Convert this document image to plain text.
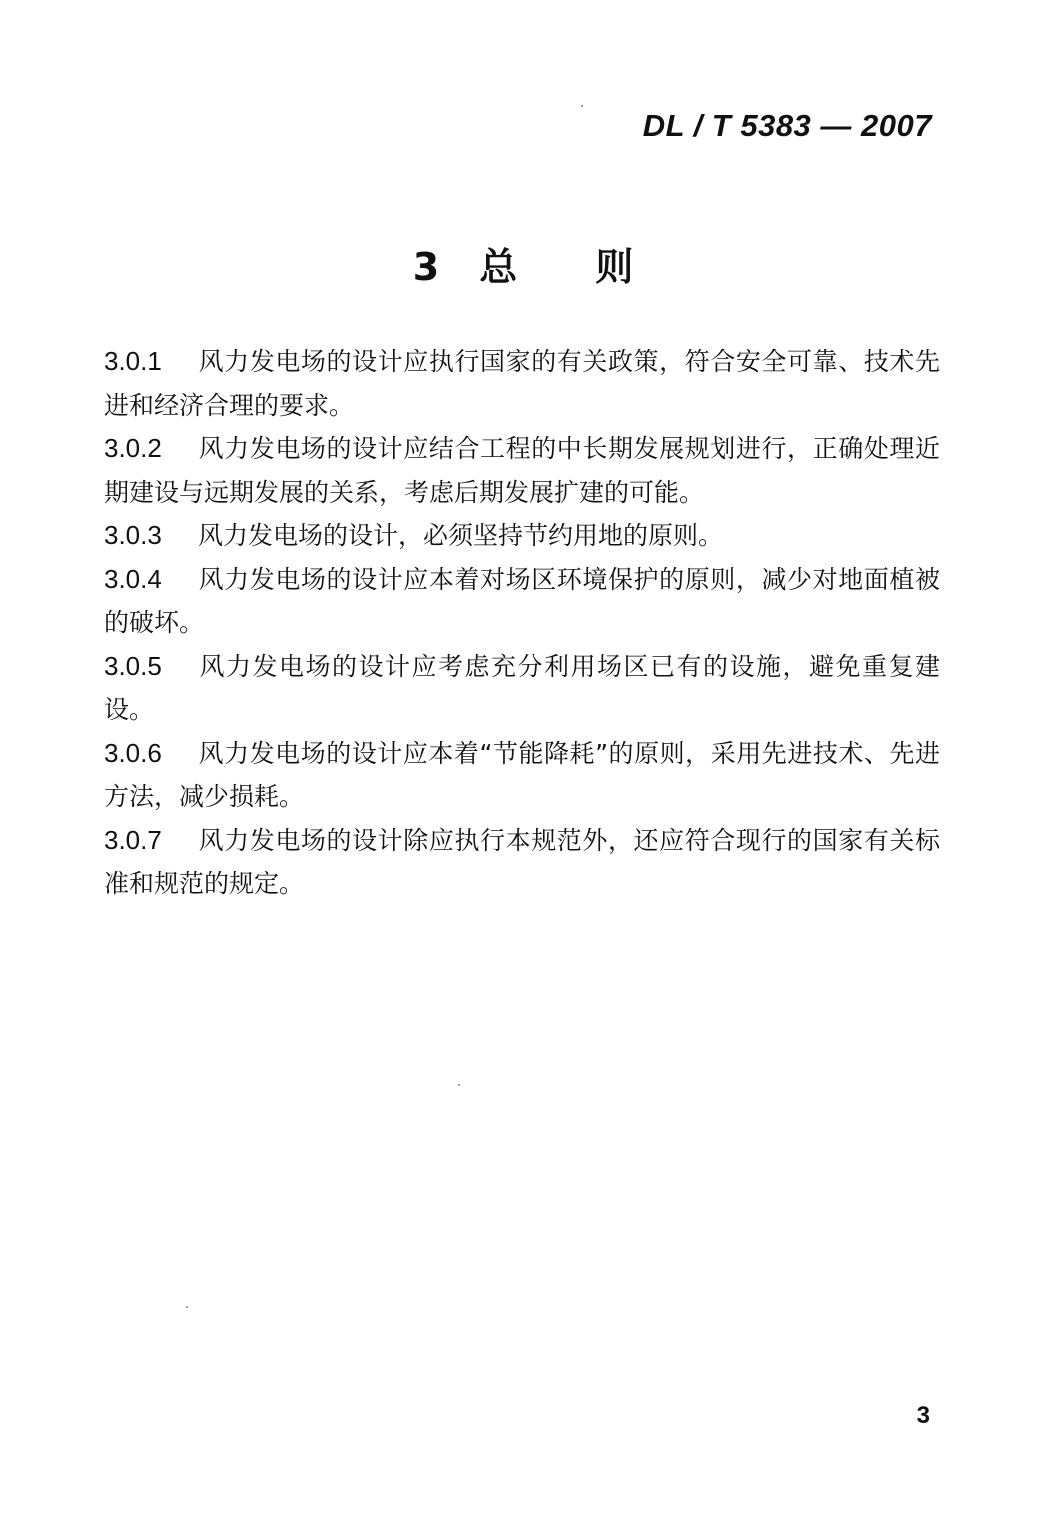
DL / T 5383 — 2007
3 总则

3.0.1 风力发电场的设计应执行国家的有关政策，符合安全可靠、技术先进和经济合理的要求。

3.0.2 风力发电场的设计应结合工程的中长期发展规划进行，正确处理近期建设与远期发展的关系，考虑后期发展扩建的可能。

3.0.3 风力发电场的设计，必须坚持节约用地的原则。

3.0.4 风力发电场的设计应本着对场区环境保护的原则，减少对地面植被的破坏。

3.0.5 风力发电场的设计应考虑充分利用场区已有的设施，避免重复建设。

3.0.6 风力发电场的设计应本着“节能降耗”的原则，采用先进技术、先进方法，减少损耗。

3.0.7 风力发电场的设计除应执行本规范外，还应符合现行的国家有关标准和规范的规定。

3
